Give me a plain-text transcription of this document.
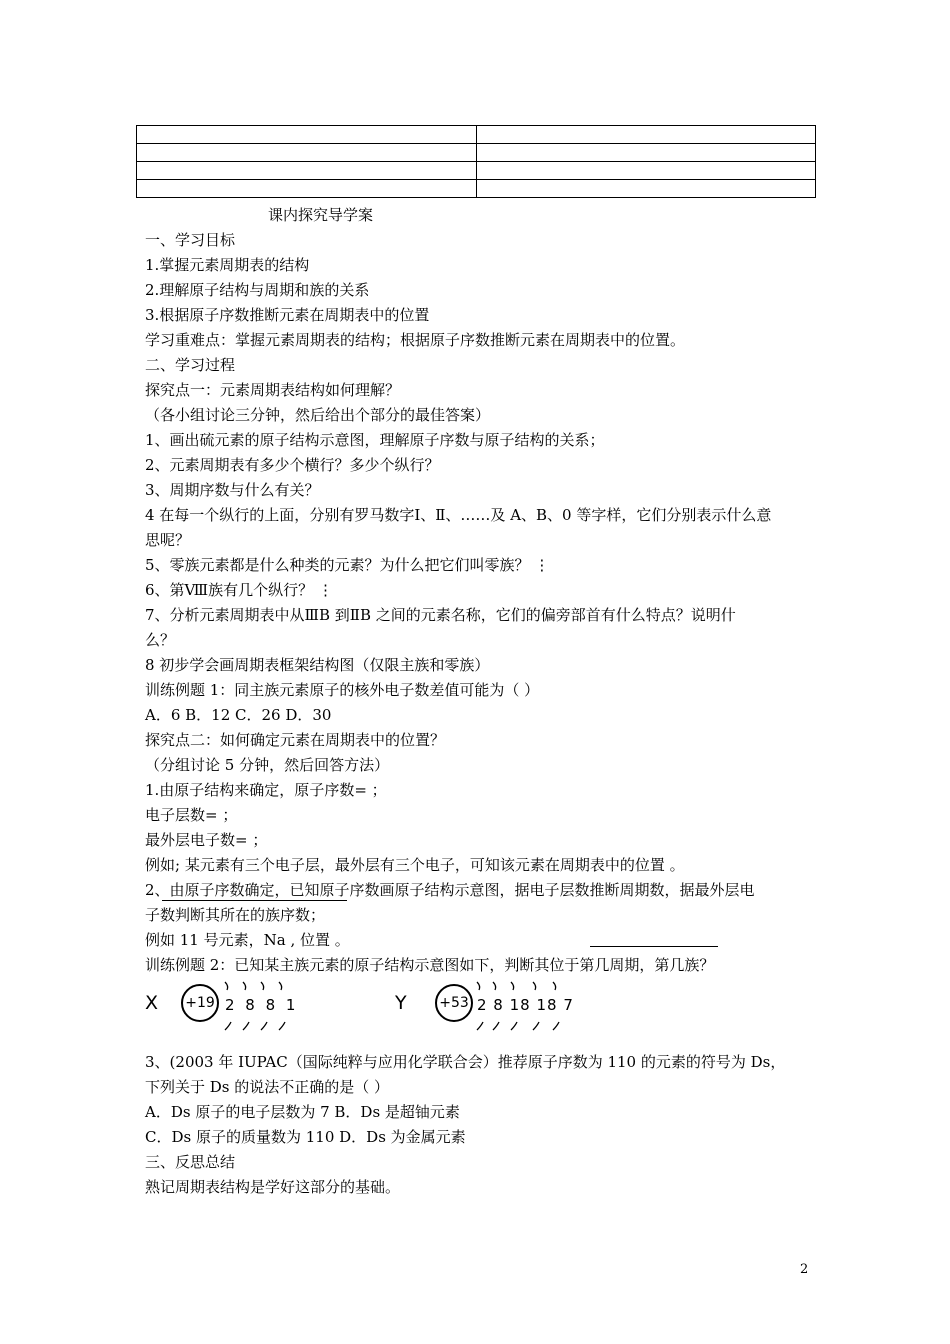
课内探究导学案
一、学习目标
1.掌握元素周期表的结构
2.理解原子结构与周期和族的关系
3.根据原子序数推断元素在周期表中的位置
学习重难点：掌握元素周期表的结构；根据原子序数推断元素在周期表中的位置。
二、学习过程
探究点一：元素周期表结构如何理解？
（各小组讨论三分钟，然后给出个部分的最佳答案）
1、画出硫元素的原子结构示意图，理解原子序数与原子结构的关系；
2、元素周期表有多少个横行？多少个纵行？
3、周期序数与什么有关？
4 在每一个纵行的上面，分别有罗马数字Ⅰ、Ⅱ、……及 A、B、0 等字样，它们分别表示什么意
思呢？
5、零族元素都是什么种类的元素？为什么把它们叫零族？ ⋮
6、第Ⅷ族有几个纵行？ ⋮
7、分析元素周期表中从ⅢB 到ⅡB 之间的元素名称，它们的偏旁部首有什么特点？说明什
么？
8 初步学会画周期表框架结构图（仅限主族和零族）
训练例题 1：同主族元素原子的核外电子数差值可能为（ ）
A．6 B．12 C．26 D．30
探究点二：如何确定元素在周期表中的位置？
（分组讨论 5 分钟，然后回答方法）
1.由原子结构来确定，原子序数= ；
电子层数= ；
最外层电子数= ；
例如; 某元素有三个电子层，最外层有三个电子，可知该元素在周期表中的位置 。
2、由原子序数确定，已知原子序数画原子结构示意图，据电子层数推断周期数，据最外层电
子数判断其所在的族序数；
例如 11 号元素，Na , 位置 。
训练例题 2：已知某主族元素的原子结构示意图如下，判断其位于第几周期，第几族？
X	+19 2 8 8 1	Y	+53 2 8 18 18 7
3、(2003 年 IUPAC（国际纯粹与应用化学联合会）推荐原子序数为 110 的元素的符号为 Ds，
下列关于 Ds 的说法不正确的是（ ）
A．Ds 原子的电子层数为 7 B．Ds 是超铀元素
C．Ds 原子的质量数为 110 D．Ds 为金属元素
三、反思总结
熟记周期表结构是学好这部分的基础。
2
